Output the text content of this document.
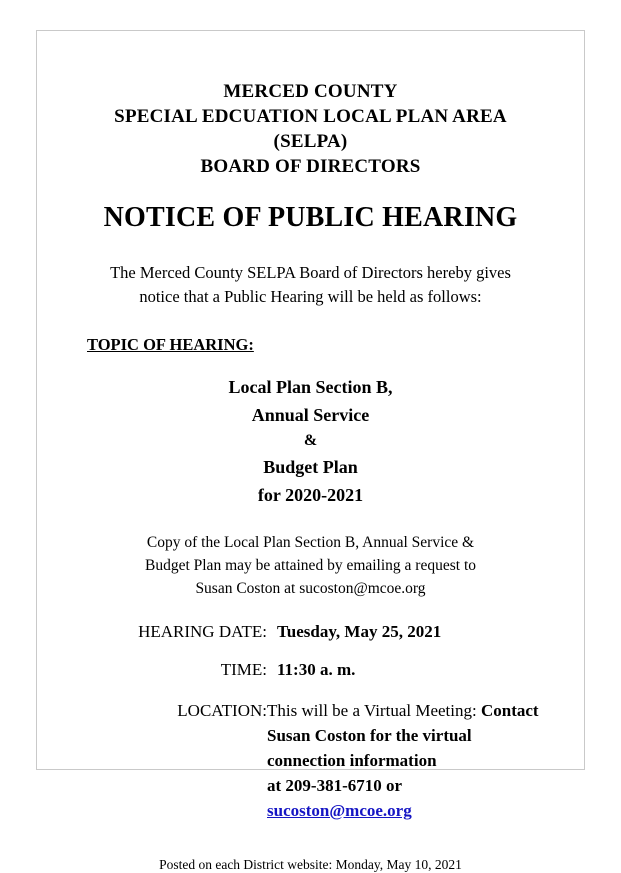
MERCED COUNTY
SPECIAL EDCUATION LOCAL PLAN AREA
(SELPA)
BOARD OF DIRECTORS
NOTICE OF PUBLIC HEARING
The Merced County SELPA Board of Directors hereby gives
notice that a Public Hearing will be held as follows:
TOPIC OF HEARING:
Local Plan Section B,
Annual Service
&
Budget Plan
for 2020-2021
Copy of the Local Plan Section B, Annual Service &
Budget Plan may be attained by emailing a request to
Susan Coston at sucoston@mcoe.org
HEARING DATE: Tuesday, May 25, 2021
TIME: 11:30 a. m.
LOCATION: This will be a Virtual Meeting: Contact
Susan Coston for the virtual
connection information
at 209-381-6710 or sucoston@mcoe.org
Posted on each District website: Monday, May 10, 2021
